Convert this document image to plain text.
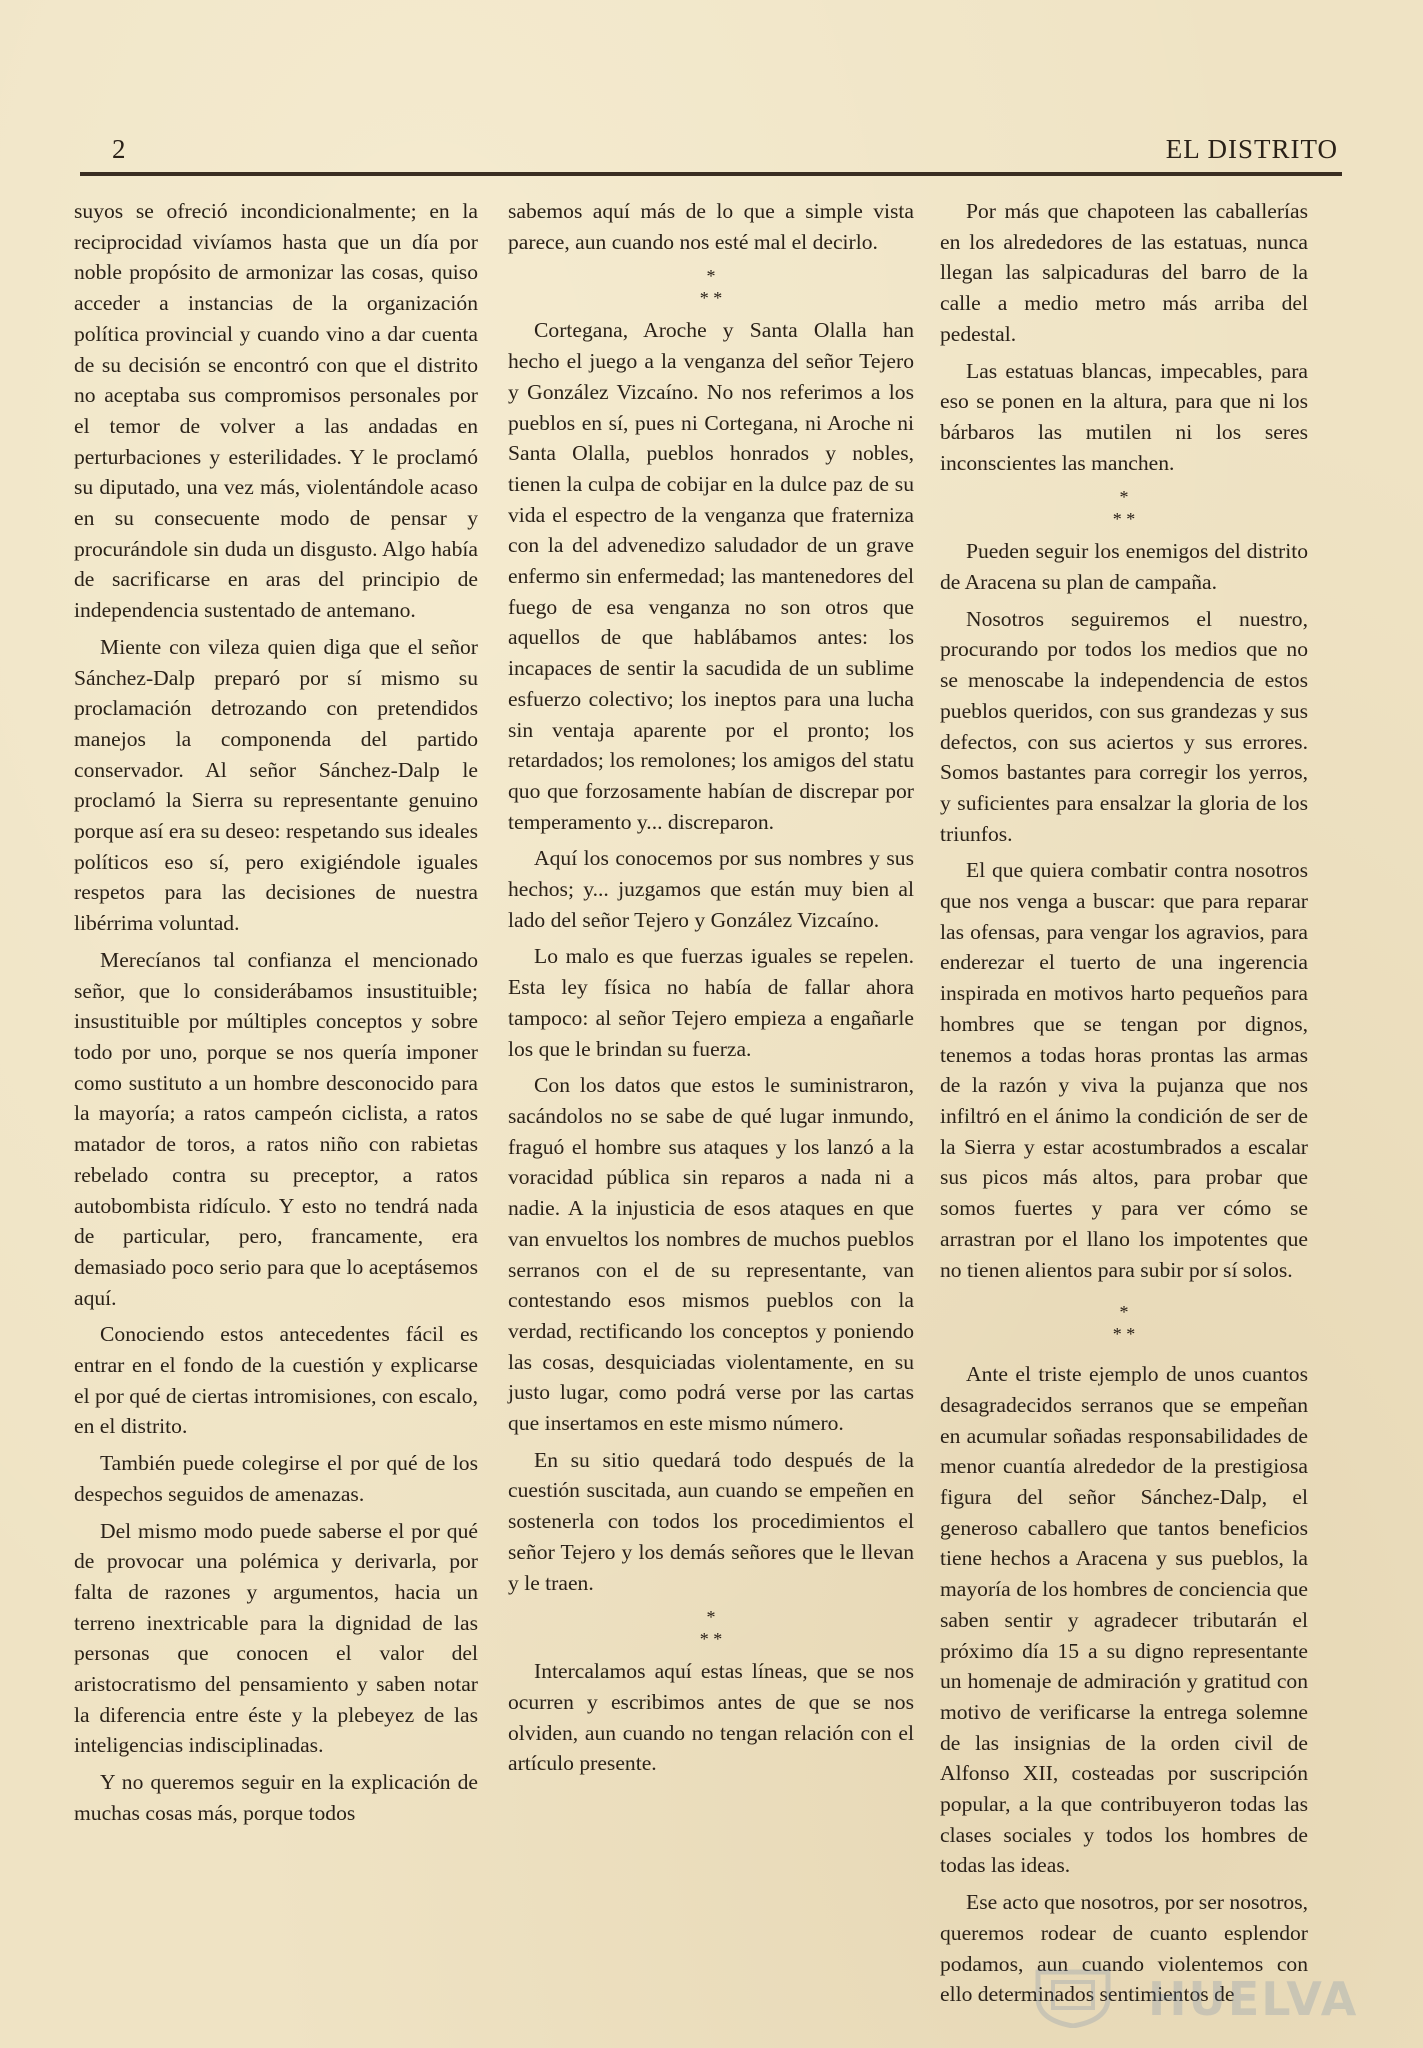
2	EL DISTRITO

suyos se ofreció incondicionalmente; en la reciprocidad vivíamos hasta que un día por noble propósito de armonizar las cosas, quiso acceder a instancias de la organización política provincial y cuando vino a dar cuenta de su decisión se encontró con que el distrito no aceptaba sus compromisos personales por el temor de volver a las andadas en perturbaciones y esterilidades. Y le proclamó su diputado, una vez más, violentándole acaso en su consecuente modo de pensar y procurándole sin duda un disgusto. Algo había de sacrificarse en aras del principio de independencia sustentado de antemano.

Miente con vileza quien diga que el señor Sánchez-Dalp preparó por sí mismo su proclamación detrozando con pretendidos manejos la componenda del partido conservador. Al señor Sánchez-Dalp le proclamó la Sierra su representante genuino porque así era su deseo: respetando sus ideales políticos eso sí, pero exigiéndole iguales respetos para las decisiones de nuestra libérrima voluntad.

Merecíanos tal confianza el mencionado señor, que lo considerábamos insustituible; insustituible por múltiples conceptos y sobre todo por uno, porque se nos quería imponer como sustituto a un hombre desconocido para la mayoría; a ratos campeón ciclista, a ratos matador de toros, a ratos niño con rabietas rebelado contra su preceptor, a ratos autobombista ridículo. Y esto no tendrá nada de particular, pero, francamente, era demasiado poco serio para que lo aceptásemos aquí.

Conociendo estos antecedentes fácil es entrar en el fondo de la cuestión y explicarse el por qué de ciertas intromisiones, con escalo, en el distrito.

También puede colegirse el por qué de los despechos seguidos de amenazas.

Del mismo modo puede saberse el por qué de provocar una polémica y derivarla, por falta de razones y argumentos, hacia un terreno inextricable para la dignidad de las personas que conocen el valor del aristocratismo del pensamiento y saben notar la diferencia entre éste y la plebeyez de las inteligencias indisciplinadas.

Y no queremos seguir en la explicación de muchas cosas más, porque todos

sabemos aquí más de lo que a simple vista parece, aun cuando nos esté mal el decirlo.

*
* *

Cortegana, Aroche y Santa Olalla han hecho el juego a la venganza del señor Tejero y González Vizcaíno. No nos referimos a los pueblos en sí, pues ni Cortegana, ni Aroche ni Santa Olalla, pueblos honrados y nobles, tienen la culpa de cobijar en la dulce paz de su vida el espectro de la venganza que fraterniza con la del advenedizo saludador de un grave enfermo sin enfermedad; las mantenedores del fuego de esa venganza no son otros que aquellos de que hablábamos antes: los incapaces de sentir la sacudida de un sublime esfuerzo colectivo; los ineptos para una lucha sin ventaja aparente por el pronto; los retardados; los remolones; los amigos del statu quo que forzosamente habían de discrepar por temperamento y... discreparon.

Aquí los conocemos por sus nombres y sus hechos; y... juzgamos que están muy bien al lado del señor Tejero y González Vizcaíno.

Lo malo es que fuerzas iguales se repelen. Esta ley física no había de fallar ahora tampoco: al señor Tejero empieza a engañarle los que le brindan su fuerza.

Con los datos que estos le suministraron, sacándolos no se sabe de qué lugar inmundo, fraguó el hombre sus ataques y los lanzó a la voracidad pública sin reparos a nada ni a nadie. A la injusticia de esos ataques en que van envueltos los nombres de muchos pueblos serranos con el de su representante, van contestando esos mismos pueblos con la verdad, rectificando los conceptos y poniendo las cosas, desquiciadas violentamente, en su justo lugar, como podrá verse por las cartas que insertamos en este mismo número.

En su sitio quedará todo después de la cuestión suscitada, aun cuando se empeñen en sostenerla con todos los procedimientos el señor Tejero y los demás señores que le llevan y le traen.

*
* *

Intercalamos aquí estas líneas, que se nos ocurren y escribimos antes de que se nos olviden, aun cuando no tengan relación con el artículo presente.

Por más que chapoteen las caballerías en los alrededores de las estatuas, nunca llegan las salpicaduras del barro de la calle a medio metro más arriba del pedestal.

Las estatuas blancas, impecables, para eso se ponen en la altura, para que ni los bárbaros las mutilen ni los seres inconscientes las manchen.

*
* *

Pueden seguir los enemigos del distrito de Aracena su plan de campaña.

Nosotros seguiremos el nuestro, procurando por todos los medios que no se menoscabe la independencia de estos pueblos queridos, con sus grandezas y sus defectos, con sus aciertos y sus errores. Somos bastantes para corregir los yerros, y suficientes para ensalzar la gloria de los triunfos.

El que quiera combatir contra nosotros que nos venga a buscar: que para reparar las ofensas, para vengar los agravios, para enderezar el tuerto de una ingerencia inspirada en motivos harto pequeños para hombres que se tengan por dignos, tenemos a todas horas prontas las armas de la razón y viva la pujanza que nos infiltró en el ánimo la condición de ser de la Sierra y estar acostumbrados a escalar sus picos más altos, para probar que somos fuertes y para ver cómo se arrastran por el llano los impotentes que no tienen alientos para subir por sí solos.

*
* *

Ante el triste ejemplo de unos cuantos desagradecidos serranos que se empeñan en acumular soñadas responsabilidades de menor cuantía alrededor de la prestigiosa figura del señor Sánchez-Dalp, el generoso caballero que tantos beneficios tiene hechos a Aracena y sus pueblos, la mayoría de los hombres de conciencia que saben sentir y agradecer tributarán el próximo día 15 a su digno representante un homenaje de admiración y gratitud con motivo de verificarse la entrega solemne de las insignias de la orden civil de Alfonso XII, costeadas por suscripción popular, a la que contribuyeron todas las clases sociales y todos los hombres de todas las ideas.

Ese acto que nosotros, por ser nosotros, queremos rodear de cuanto esplendor podamos, aun cuando violentemos con ello determinados sentimientos de

HUELVA
